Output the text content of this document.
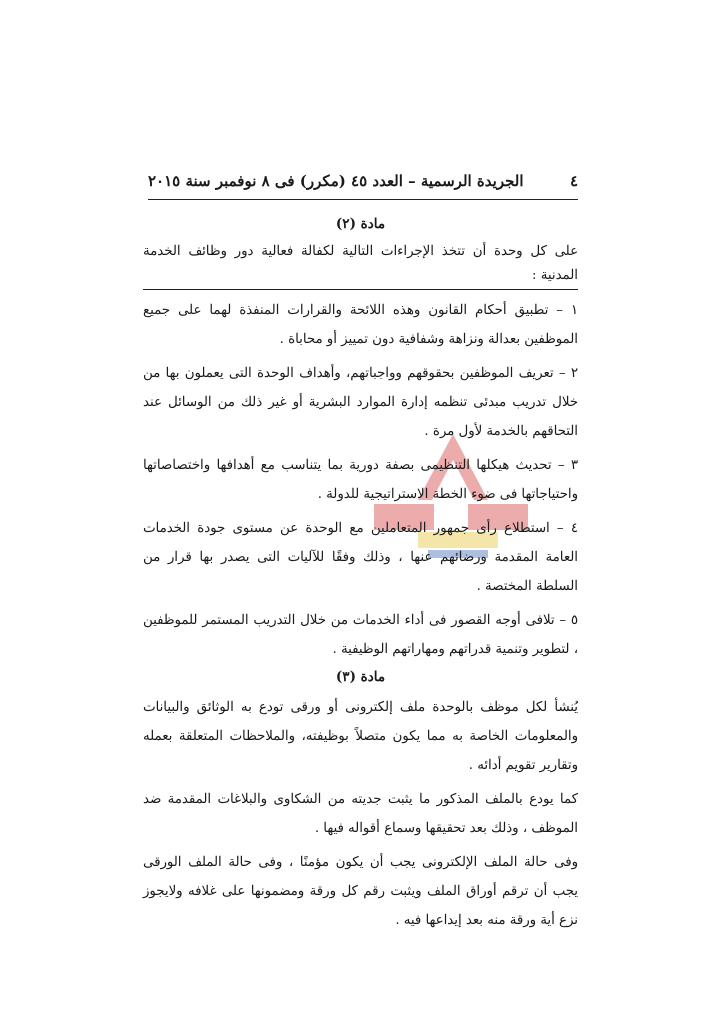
٤
الجريدة الرسمية – العدد ٤٥ (مكرر) فى ٨ نوفمبر سنة ٢٠١٥
مادة (٢)

على كل وحدة أن تتخذ الإجراءات التالية لكفالة فعالية دور وظائف الخدمة المدنية :

١ – تطبيق أحكام القانون وهذه اللائحة والقرارات المنفذة لهما على جميع الموظفين بعدالة ونزاهة وشفافية دون تمييز أو محاباة .

٢ – تعريف الموظفين بحقوقهم وواجباتهم، وأهداف الوحدة التى يعملون بها من خلال تدريب مبدئى تنظمه إدارة الموارد البشرية أو غير ذلك من الوسائل عند التحاقهم بالخدمة لأول مرة .

٣ – تحديث هيكلها التنظيمى بصفة دورية بما يتناسب مع أهدافها واختصاصاتها واحتياجاتها فى ضوء الخطة الاستراتيجية للدولة .

٤ – استطلاع رأى جمهور المتعاملين مع الوحدة عن مستوى جودة الخدمات العامة المقدمة ورضائهم عنها ، وذلك وفقًا للآليات التى يصدر بها قرار من السلطة المختصة .

٥ – تلافى أوجه القصور فى أداء الخدمات من خلال التدريب المستمر للموظفين ، لتطوير وتنمية قدراتهم ومهاراتهم الوظيفية .

مادة (٣)

يُنشأ لكل موظف بالوحدة ملف إلكترونى أو ورقى تودع به الوثائق والبيانات والمعلومات الخاصة به مما يكون متصلاً بوظيفته، والملاحظات المتعلقة بعمله وتقارير تقويم أدائه .

كما يودع بالملف المذكور ما يثبت جديته من الشكاوى والبلاغات المقدمة ضد الموظف ، وذلك بعد تحقيقها وسماع أقواله فيها .

وفى حالة الملف الإلكترونى يجب أن يكون مؤمنًا ، وفى حالة الملف الورقى يجب أن ترقم أوراق الملف ويثبت رقم كل ورقة ومضمونها على غلافه ولايجوز نزع أية ورقة منه بعد إيداعها فيه .
